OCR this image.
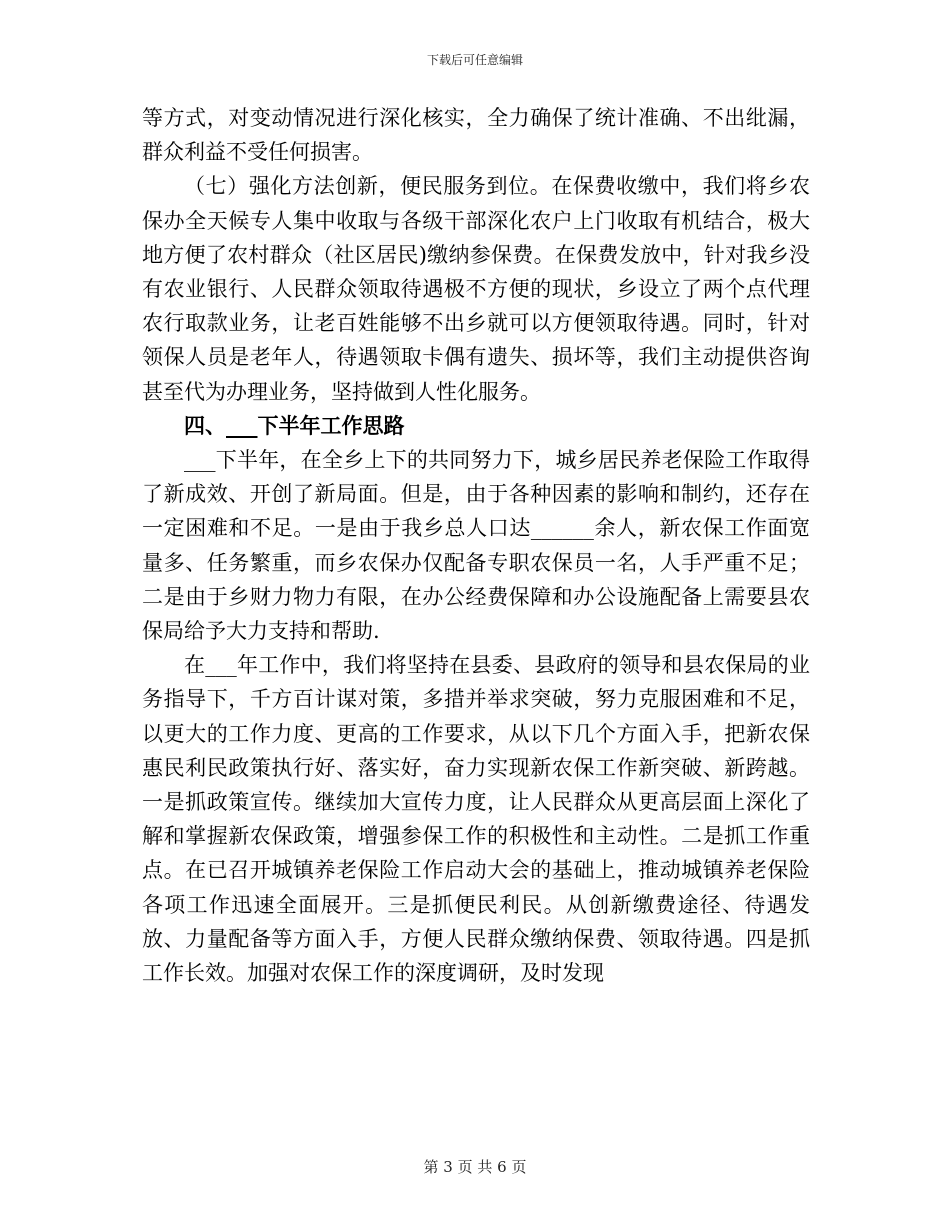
下载后可任意编辑

等方式，对变动情况进行深化核实，全力确保了统计准确、不出纰漏，群众利益不受任何损害。

（七）强化方法创新，便民服务到位。在保费收缴中，我们将乡农保办全天候专人集中收取与各级干部深化农户上门收取有机结合，极大地方便了农村群众（社区居民)缴纳参保费。在保费发放中，针对我乡没有农业银行、人民群众领取待遇极不方便的现状，乡设立了两个点代理农行取款业务，让老百姓能够不出乡就可以方便领取待遇。同时，针对领保人员是老年人，待遇领取卡偶有遗失、损坏等，我们主动提供咨询甚至代为办理业务，坚持做到人性化服务。

四、___下半年工作思路

___下半年，在全乡上下的共同努力下，城乡居民养老保险工作取得了新成效、开创了新局面。但是，由于各种因素的影响和制约，还存在一定困难和不足。一是由于我乡总人口达______余人，新农保工作面宽量多、任务繁重，而乡农保办仅配备专职农保员一名，人手严重不足；二是由于乡财力物力有限，在办公经费保障和办公设施配备上需要县农保局给予大力支持和帮助.

在___年工作中，我们将坚持在县委、县政府的领导和县农保局的业务指导下，千方百计谋对策，多措并举求突破，努力克服困难和不足，以更大的工作力度、更高的工作要求，从以下几个方面入手，把新农保惠民利民政策执行好、落实好，奋力实现新农保工作新突破、新跨越。一是抓政策宣传。继续加大宣传力度，让人民群众从更高层面上深化了解和掌握新农保政策，增强参保工作的积极性和主动性。二是抓工作重点。在已召开城镇养老保险工作启动大会的基础上，推动城镇养老保险各项工作迅速全面展开。三是抓便民利民。从创新缴费途径、待遇发放、力量配备等方面入手，方便人民群众缴纳保费、领取待遇。四是抓工作长效。加强对农保工作的深度调研，及时发现

第 3 页 共 6 页
